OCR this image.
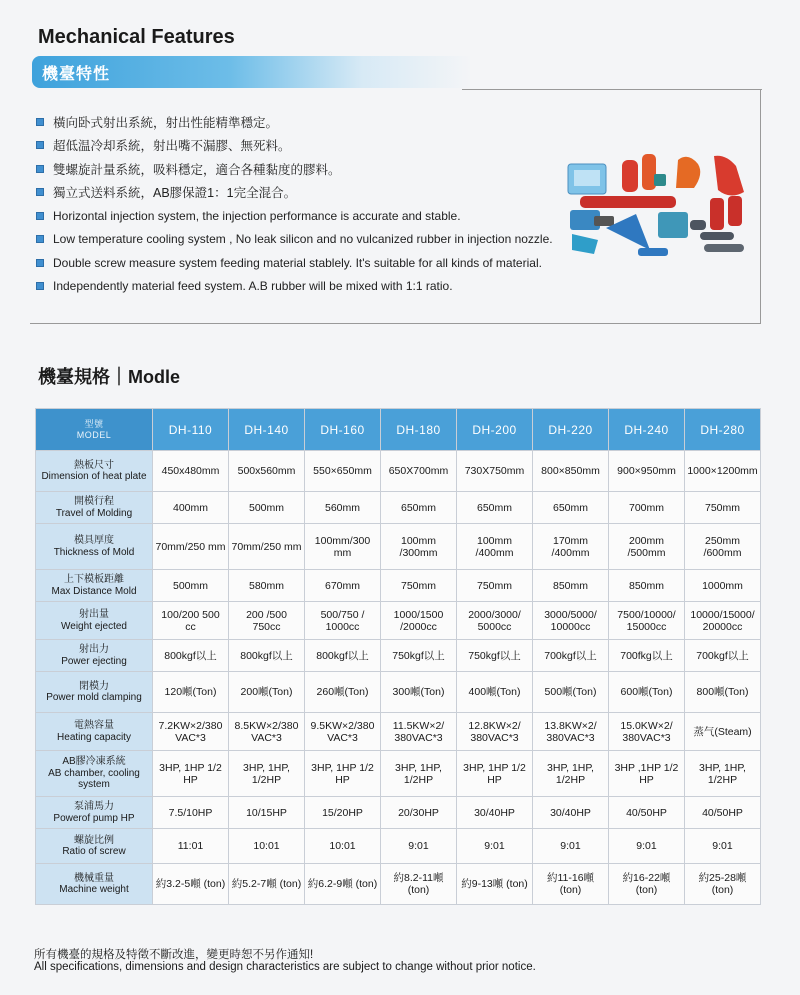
Mechanical Features
機臺特性
橫向卧式射出系統，射出性能精準穩定。
超低温冷却系統，射出嘴不漏膠、無死料。
雙螺旋計量系統，吸料穩定，適合各種黏度的膠料。
獨立式送料系統，AB膠保證1：1完全混合。
Horizontal injection system, the injection performance is accurate and stable.
Low temperature cooling system , No leak silicon and no vulcanized rubber in injection nozzle.
Double screw measure system feeding material stablely. It's suitable for all kinds of material.
Independently material feed system. A.B rubber will be mixed with 1:1 ratio.
機臺規格｜Modle
型號
MODEL	DH-110	DH-140	DH-160	DH-180	DH-200	DH-220	DH-240	DH-280

熱板尺寸
Dimension of heat plate	450x480mm	500x560mm	550×650mm	650X700mm	730X750mm	800×850mm	900×950mm	1000×1200mm

開模行程
Travel of Molding	400mm	500mm	560mm	650mm	650mm	650mm	700mm	750mm

模具厚度
Thickness of Mold	70mm/250 mm	70mm/250 mm	100mm/300 mm	100mm /300mm	100mm /400mm	170mm /400mm	200mm /500mm	250mm /600mm

上下模板距離
Max Distance Mold	500mm	580mm	670mm	750mm	750mm	850mm	850mm	1000mm

射出量
Weight ejected	100/200 500 cc	200 /500 750cc	500/750 / 1000cc	1000/1500 /2000cc	2000/3000/ 5000cc	3000/5000/ 10000cc	7500/10000/ 15000cc	10000/15000/ 20000cc

射出力
Power ejecting	800kgf以上	800kgf以上	800kgf以上	750kgf以上	750kgf以上	700kgf以上	700fkg以上	700kgf以上

閉模力
Power mold clamping	120噸(Ton)	200噸(Ton)	260噸(Ton)	300噸(Ton)	400噸(Ton)	500噸(Ton)	600噸(Ton)	800噸(Ton)

電熱容量
Heating capacity	7.2KW×2/380 VAC*3	8.5KW×2/380 VAC*3	9.5KW×2/380 VAC*3	11.5KW×2/ 380VAC*3	12.8KW×2/ 380VAC*3	13.8KW×2/ 380VAC*3	15.0KW×2/ 380VAC*3	蒸气(Steam)

AB膠冷凍系統
AB chamber, cooling system	3HP, 1HP 1/2 HP	3HP, 1HP, 1/2HP	3HP, 1HP 1/2 HP	3HP, 1HP, 1/2HP	3HP, 1HP 1/2 HP	3HP, 1HP, 1/2HP	3HP ,1HP 1/2 HP	3HP, 1HP, 1/2HP

泵浦馬力
Powerof pump HP	7.5/10HP	10/15HP	15/20HP	20/30HP	30/40HP	30/40HP	40/50HP	40/50HP

螺旋比例
Ratio of screw	11:01	10:01	10:01	9:01	9:01	9:01	9:01	9:01

機械重量
Machine weight	約3.2-5噸 (ton)	約5.2-7噸 (ton)	約6.2-9噸 (ton)	約8.2-11噸 (ton)	約9-13噸 (ton)	約11-16噸 (ton)	約16-22噸 (ton)	約25-28噸 (ton)
所有機臺的規格及特徵不斷改進，變更時恕不另作通知!
All specifications, dimensions and design characteristics are subject to change without prior notice.
